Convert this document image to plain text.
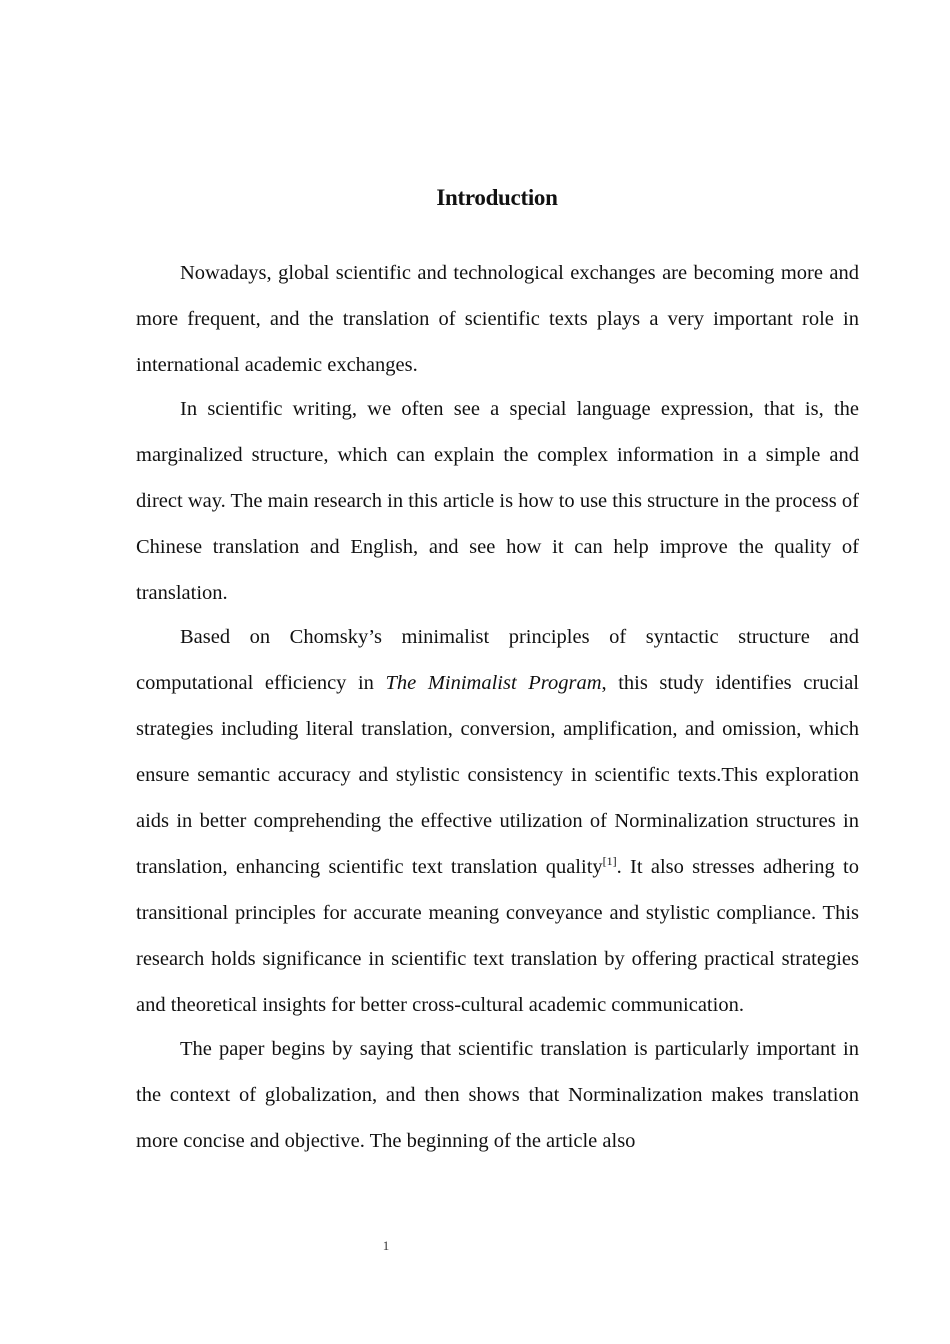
Introduction

Nowadays, global scientific and technological exchanges are becoming more and more frequent, and the translation of scientific texts plays a very important role in international academic exchanges.

In scientific writing, we often see a special language expression, that is, the marginalized structure, which can explain the complex information in a simple and direct way. The main research in this article is how to use this structure in the process of Chinese translation and English, and see how it can help improve the quality of translation.

Based on Chomsky’s minimalist principles of syntactic structure and computational efficiency in The Minimalist Program, this study identifies crucial strategies including literal translation, conversion, amplification, and omission, which ensure semantic accuracy and stylistic consistency in scientific texts.This exploration aids in better comprehending the effective utilization of Norminalization structures in translation, enhancing scientific text translation quality[1]. It also stresses adhering to transitional principles for accurate meaning conveyance and stylistic compliance. This research holds significance in scientific text translation by offering practical strategies and theoretical insights for better cross-cultural academic communication.

The paper begins by saying that scientific translation is particularly important in the context of globalization, and then shows that Norminalization makes translation more concise and objective. The beginning of the article also

1
